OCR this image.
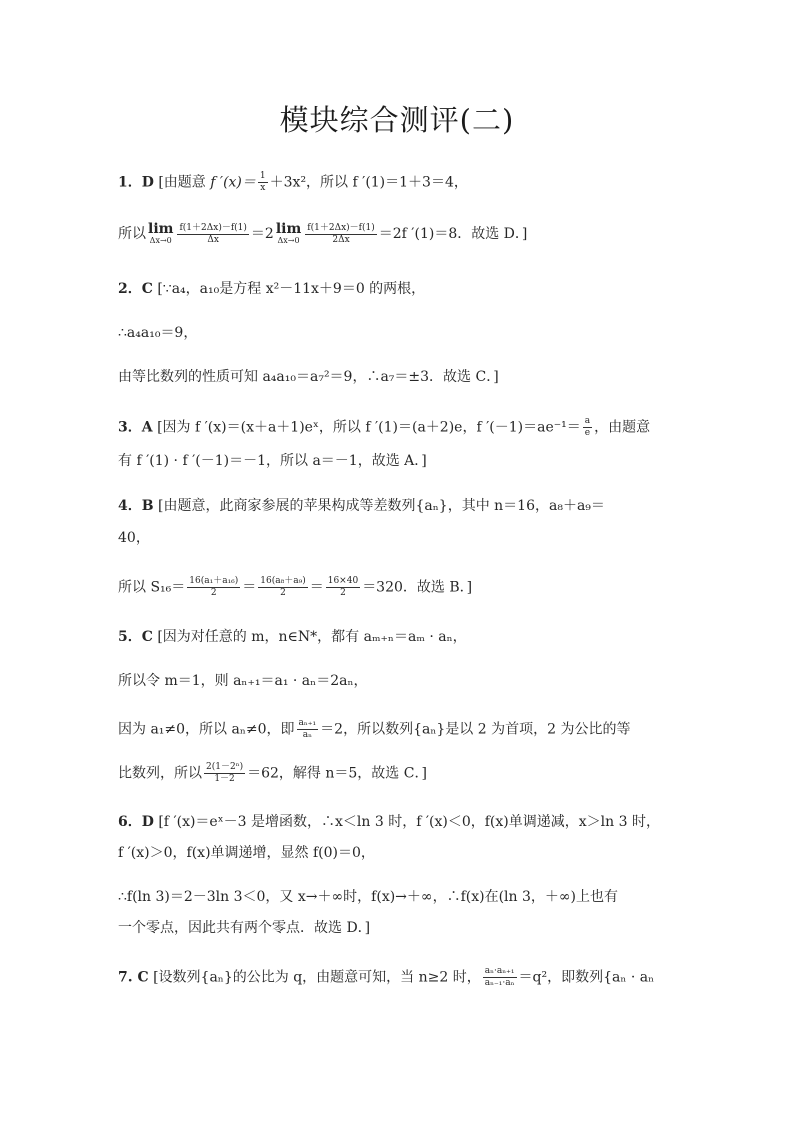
模块综合测评(二)
1．D [由题意 f $'(x)= \frac{1}{x} +3x^2$，所以 f ′(1)＝1＋3＝4，
所以 lim
$\Delta x\to 0 \frac{f(1+2\Delta x)-f(1)}{\Delta x} =2$ lim
$\Delta x\to 0 \frac{f(1+2\Delta x)-f(1)}{2\Delta x} =2f$ ′(1)＝8．故选 D．]
2．C [∵a₄，a₁₀是方程 x²－11x＋9＝0 的两根，
∴a₄a₁₀＝9，
由等比数列的性质可知 a₄a₁₀＝a₇²＝9，∴a₇＝±3．故选 C．]
3．A [因为 f ′(x)＝(x＋a＋1)eˣ，所以 f ′(1)＝(a＋2)e，f $'(-1)=ae^{-1}= \frac{a}{e}$ ，由题意
有 f ′(1) · f ′(－1)＝－1，所以 a＝－1，故选 A．]
4．B [由题意，此商家参展的苹果构成等差数列{aₙ}，其中 n＝16，a₈＋a₉＝
40，
所以 $S_{16}= \frac{\text{16(a₁＋a₁₆)}}{2} = \frac{\text{16(a₈＋a₉)}}{2} = \frac{16\times 40}{2} =320$．故选 B．]
5．C [因为对任意的 m，n∈N*，都有 aₘ₊ₙ＝aₘ · aₙ，
所以令 m＝1，则 aₙ₊₁＝a₁ · aₙ＝2aₙ，
因为 a₁≠0，所以 aₙ≠0，即 $\frac{\text{aₙ₊₁}}{\text{aₙ}} =2$，所以数列{aₙ}是以 2 为首项，2 为公比的等
比数列，所以 $\frac{\text{2(1－2ⁿ)}}{1-2} =62$，解得 n＝5，故选 C．]
6．D [f ′(x)＝eˣ－3 是增函数，∴x＜ln 3 时，f ′(x)＜0，f(x)单调递减，x＞ln 3 时，
f ′(x)＞0，f(x)单调递增，显然 f(0)＝0，
∴f(ln 3)＝2－3ln 3＜0，又 x→＋∞时，f(x)→＋∞，∴f(x)在(ln 3，＋∞)上也有
一个零点，因此共有两个零点．故选 D．]
7. C [设数列{aₙ}的公比为 q，由题意可知，当 n≥2 时， $\frac{\text{aₙ·aₙ₊₁}}{\text{aₙ₋₁·aₙ}} =q^2$，即数列{aₙ · aₙ
